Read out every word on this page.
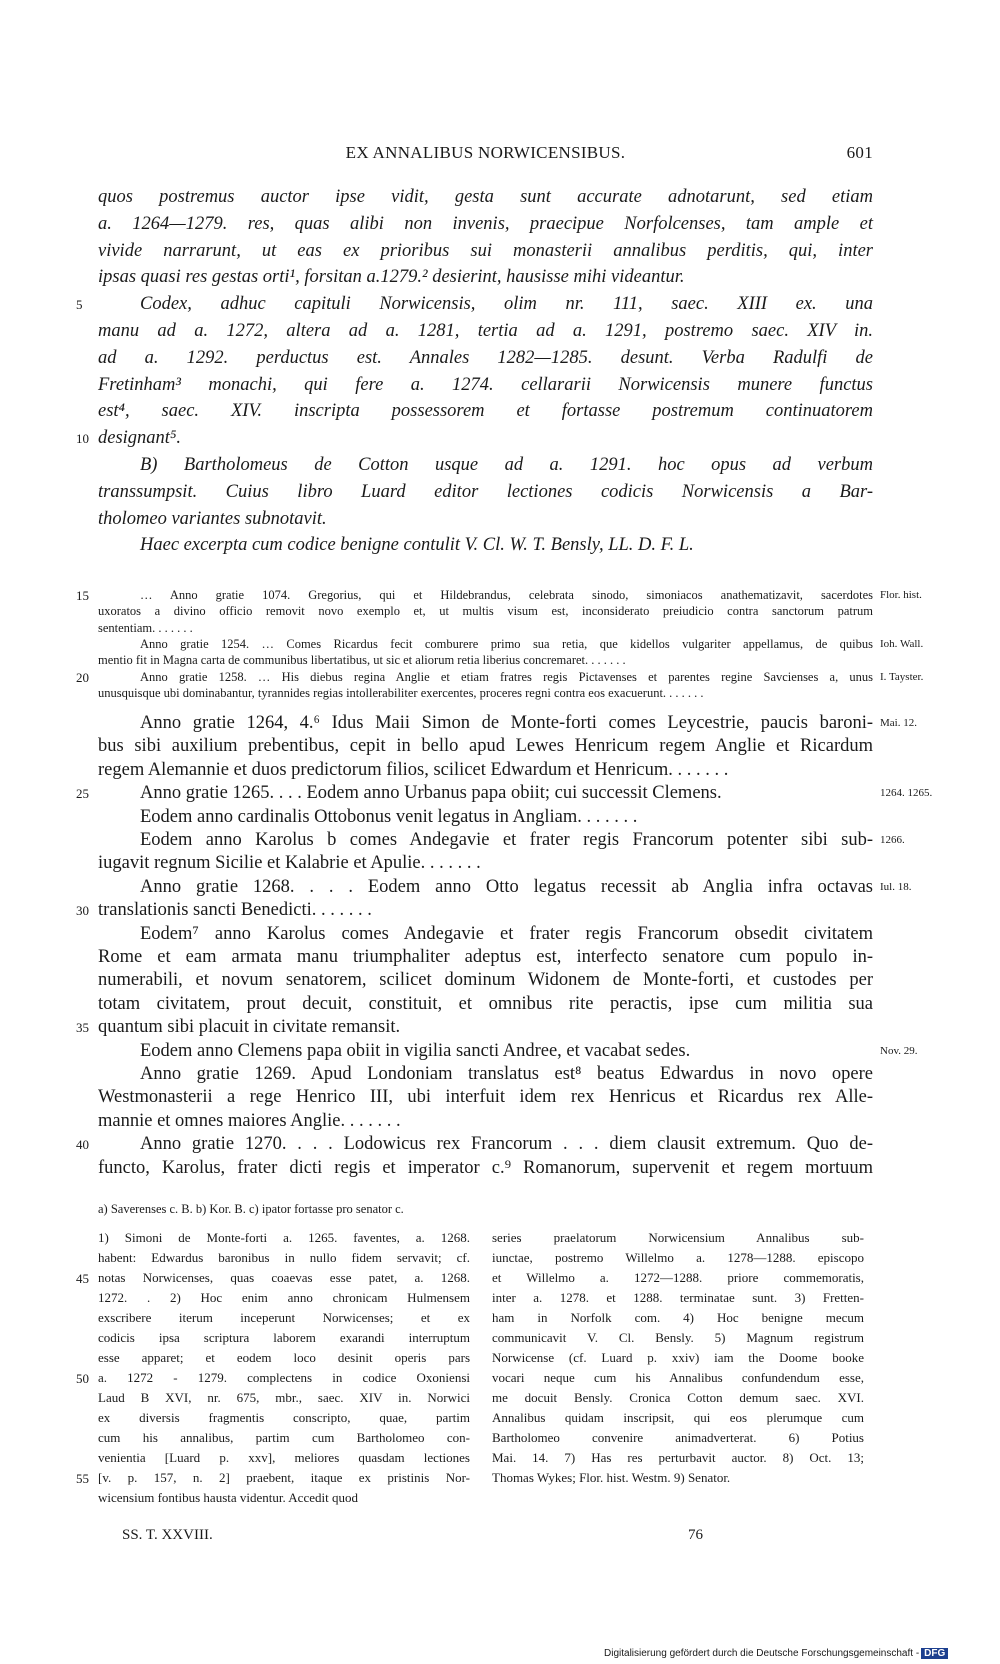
EX ANNALIBUS NORWICENSIBUS.	601
quos postremus auctor ipse vidit, gesta sunt accurate adnotarunt, sed etiam
a. 1264—1279. res, quas alibi non invenis, praecipue Norfolcenses, tam ample et
vivide narrarunt, ut eas ex prioribus sui monasterii annalibus perditis, qui, inter
ipsas quasi res gestas orti¹, forsitan a.1279.² desierint, hausisse mihi videantur.
Codex, adhuc capituli Norwicensis, olim nr. 111, saec. XIII ex. una
5
manu ad a. 1272, altera ad a. 1281, tertia ad a. 1291, postremo saec. XIV in.
ad a. 1292. perductus est. Annales 1282—1285. desunt. Verba Radulfi de
Fretinham³ monachi, qui fere a. 1274. cellararii Norwicensis munere functus
est⁴, saec. XIV. inscripta possessorem et fortasse postremum continuatorem
designant⁵.
10
B) Bartholomeus de Cotton usque ad a. 1291. hoc opus ad verbum
transsumpsit. Cuius libro Luard editor lectiones codicis Norwicensis a Bar-
tholomeo variantes subnotavit.
Haec excerpta cum codice benigne contulit V. Cl. W. T. Bensly, LL. D. F. L.
… Anno gratie 1074. Gregorius, qui et Hildebrandus, celebrata sinodo, simoniacos anathematizavit, sacerdotes
15	Flor. hist.
uxoratos a divino officio removit novo exemplo et, ut multis visum est, inconsiderato preiudicio contra sanctorum patrum
sententiam. . . . . . .
Anno gratie 1254. … Comes Ricardus fecit comburere primo sua retia, que kidellos vulgariter appellamus, de quibus Ioh. Wall.
mentio fit in Magna carta de communibus libertatibus, ut sic et aliorum retia liberius concremaret. . . . . . .
Anno gratie 1258. … His diebus regina Anglie et etiam fratres regis Pictavenses et parentes regine Savcienses a, unus
20	I. Tayster.
unusquisque ubi dominabantur, tyrannides regias intollerabiliter exercentes, proceres regni contra eos exacuerunt. . . . . . .
Anno gratie 1264, 4.⁶ Idus Maii Simon de Monte-forti comes Leycestrie, paucis baroni- Mai. 12.
bus sibi auxilium prebentibus, cepit in bello apud Lewes Henricum regem Anglie et Ricardum
regem Alemannie et duos predictorum filios, scilicet Edwardum et Henricum. . . . . . .
Anno gratie 1265. . . . Eodem anno Urbanus papa obiit; cui successit Clemens.
25	1264. 1265.
Eodem anno cardinalis Ottobonus venit legatus in Angliam. . . . . . .
Eodem anno Karolus b comes Andegavie et frater regis Francorum potenter sibi sub- 1266.
iugavit regnum Sicilie et Kalabrie et Apulie. . . . . . .
Anno gratie 1268. . . . Eodem anno Otto legatus recessit ab Anglia infra octavas Iul. 18.
translationis sancti Benedicti. . . . . . .
30
Eodem⁷ anno Karolus comes Andegavie et frater regis Francorum obsedit civitatem
Rome et eam armata manu triumphaliter adeptus est, interfecto senatore cum populo in-
numerabili, et novum senatorem, scilicet dominum Widonem de Monte-forti, et custodes per
totam civitatem, prout decuit, constituit, et omnibus rite peractis, ipse cum militia sua
quantum sibi placuit in civitate remansit.
35
Eodem anno Clemens papa obiit in vigilia sancti Andree, et vacabat sedes.	Nov. 29.
Anno gratie 1269. Apud Londoniam translatus est⁸ beatus Edwardus in novo opere
Westmonasterii a rege Henrico III, ubi interfuit idem rex Henricus et Ricardus rex Alle-
mannie et omnes maiores Anglie. . . . . . .
Anno gratie 1270. . . . Lodowicus rex Francorum . . . diem clausit extremum. Quo de-
40
functo, Karolus, frater dicti regis et imperator c.⁹ Romanorum, supervenit et regem mortuum
a) Saverenses c. B. b) Kor. B. c) ipator fortasse pro senator c.
1) Simoni de Monte-forti a. 1265. faventes, a. 1268.
habent: Edwardus baronibus in nullo fidem servavit; cf.
notas Norwicenses, quas coaevas esse patet, a. 1268.
1272. . 2) Hoc enim anno chronicam Hulmensem
exscribere iterum inceperunt Norwicenses; et ex
codicis ipsa scriptura laborem exarandi interruptum
esse apparet; et eodem loco desinit operis pars
a. 1272 - 1279. complectens in codice Oxoniensi
Laud B XVI, nr. 675, mbr., saec. XIV in. Norwici
ex diversis fragmentis conscripto, quae, partim
cum his annalibus, partim cum Bartholomeo con-
venientia [Luard p. xxv], meliores quasdam lectiones
[v. p. 157, n. 2] praebent, itaque ex pristinis Nor-
wicensium fontibus hausta videntur. Accedit quod
series praelatorum Norwicensium Annalibus sub-
iunctae, postremo Willelmo a. 1278—1288. episcopo
et Willelmo a. 1272—1288. priore commemoratis,
inter a. 1278. et 1288. terminatae sunt. 3) Fretten-
ham in Norfolk com. 4) Hoc benigne mecum
communicavit V. Cl. Bensly. 5) Magnum registrum
Norwicense (cf. Luard p. xxiv) iam the Doome booke
vocari neque cum his Annalibus confundendum esse,
me docuit Bensly. Cronica Cotton demum saec. XVI.
Annalibus quidam inscripsit, qui eos plerumque cum
Bartholomeo convenire animadverterat. 6) Potius
Mai. 14. 7) Has res perturbavit auctor. 8) Oct. 13;
Thomas Wykes; Flor. hist. Westm. 9) Senator.
45
50
55
SS. T. XXVIII.	76
Digitalisierung gefördert durch die Deutsche Forschungsgemeinschaft - DFG
